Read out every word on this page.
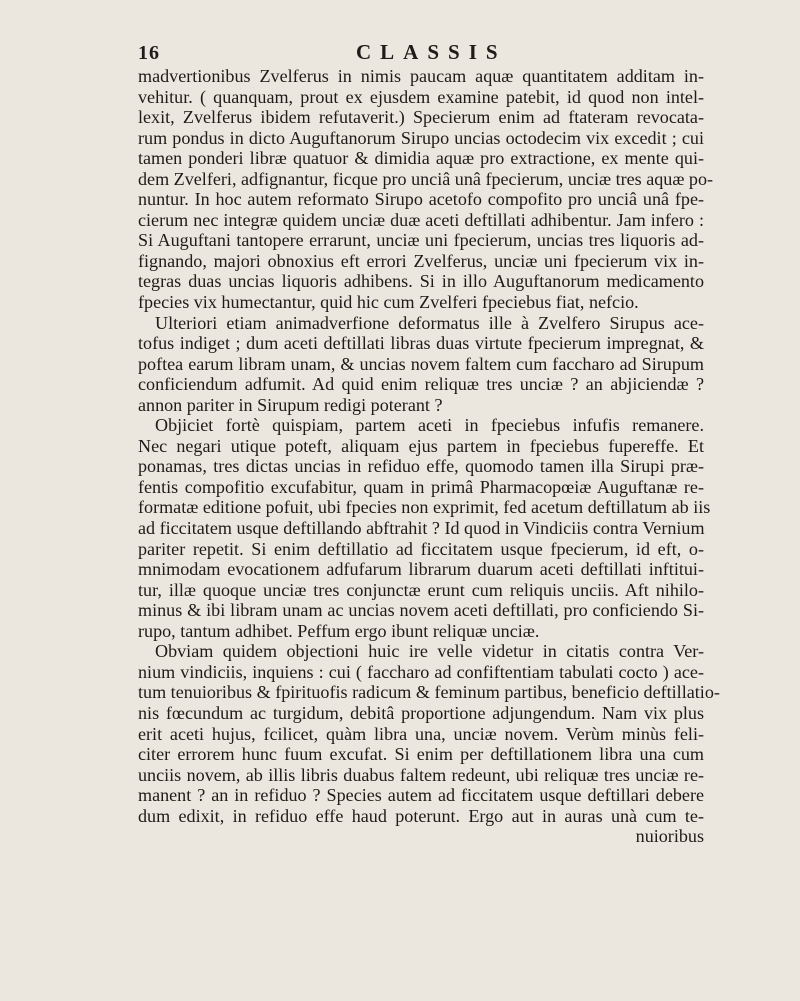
16	CLASSIS
madvertionibus Zvelferus in nimis paucam aquæ quantitatem additam in-
vehitur. ( quanquam, prout ex ejusdem examine patebit, id quod non intel-
lexit, Zvelferus ibidem refutaverit.) Specierum enim ad ftateram revocata-
rum pondus in dicto Auguftanorum Sirupo uncias octodecim vix excedit ; cui
tamen ponderi libræ quatuor & dimidia aquæ pro extractione, ex mente qui-
dem Zvelferi, adfignantur, ficque pro unciâ unâ fpecierum, unciæ tres aquæ po-
nuntur. In hoc autem reformato Sirupo acetofo compofito pro unciâ unâ fpe-
cierum nec integræ quidem unciæ duæ aceti deftillati adhibentur. Jam infero :
Si Auguftani tantopere errarunt, unciæ uni fpecierum, uncias tres liquoris ad-
fignando, majori obnoxius eft errori Zvelferus, unciæ uni fpecierum vix in-
tegras duas uncias liquoris adhibens. Si in illo Auguftanorum medicamento
fpecies vix humectantur, quid hic cum Zvelferi fpeciebus fiat, nefcio.
Ulteriori etiam animadverfione deformatus ille à Zvelfero Sirupus ace-
tofus indiget ; dum aceti deftillati libras duas virtute fpecierum impregnat, &
poftea earum libram unam, & uncias novem faltem cum faccharo ad Sirupum
conficiendum adfumit. Ad quid enim reliquæ tres unciæ ? an abjiciendæ ?
annon pariter in Sirupum redigi poterant ?
Objiciet fortè quispiam, partem aceti in fpeciebus infufis remanere.
Nec negari utique poteft, aliquam ejus partem in fpeciebus fupereffe. Et
ponamas, tres dictas uncias in refiduo effe, quomodo tamen illa Sirupi præ-
fentis compofitio excufabitur, quam in primâ Pharmacopœiæ Auguftanæ re-
formatæ editione pofuit, ubi fpecies non exprimit, fed acetum deftillatum ab iis
ad ficcitatem usque deftillando abftrahit ? Id quod in Vindiciis contra Vernium
pariter repetit. Si enim deftillatio ad ficcitatem usque fpecierum, id eft, o-
mnimodam evocationem adfufarum librarum duarum aceti deftillati inftitui-
tur, illæ quoque unciæ tres conjunctæ erunt cum reliquis unciis. Aft nihilo-
minus & ibi libram unam ac uncias novem aceti deftillati, pro conficiendo Si-
rupo, tantum adhibet. Peffum ergo ibunt reliquæ unciæ.
Obviam quidem objectioni huic ire velle videtur in citatis contra Ver-
nium vindiciis, inquiens : cui ( faccharo ad confiftentiam tabulati cocto ) ace-
tum tenuioribus & fpirituofis radicum & feminum partibus, beneficio deftillatio-
nis fœcundum ac turgidum, debitâ proportione adjungendum. Nam vix plus
erit aceti hujus, fcilicet, quàm libra una, unciæ novem. Verùm minùs feli-
citer errorem hunc fuum excufat. Si enim per deftillationem libra una cum
unciis novem, ab illis libris duabus faltem redeunt, ubi reliquæ tres unciæ re-
manent ? an in refiduo ? Species autem ad ficcitatem usque deftillari debere
dum edixit, in refiduo effe haud poterunt. Ergo aut in auras unà cum te-
nuioribus
